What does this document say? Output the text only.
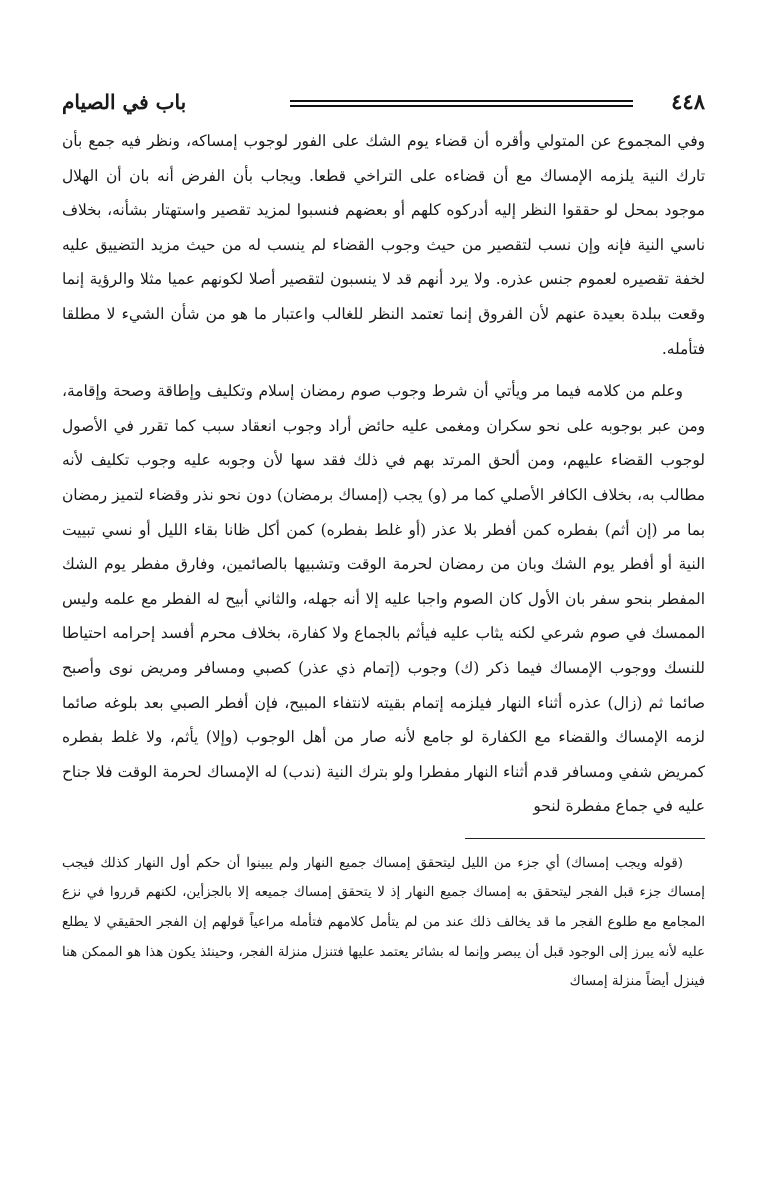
٤٤٨
باب في الصيام

وفي المجموع عن المتولي وأقره أن قضاء يوم الشك على الفور لوجوب إمساكه، ونظر فيه جمع بأن تارك النية يلزمه الإمساك مع أن قضاءه على التراخي قطعا. ويجاب بأن الفرض أنه بان أن الهلال موجود بمحل لو حققوا النظر إليه أدركوه كلهم أو بعضهم فنسبوا لمزيد تقصير واستهتار بشأنه، بخلاف ناسي النية فإنه وإن نسب لتقصير من حيث وجوب القضاء لم ينسب له من حيث مزيد التضييق عليه لخفة تقصيره لعموم جنس عذره. ولا يرد أنهم قد لا ينسبون لتقصير أصلا لكونهم عميا مثلا والرؤية إنما وقعت ببلدة بعيدة عنهم لأن الفروق إنما تعتمد النظر للغالب واعتبار ما هو من شأن الشيء لا مطلقا فتأمله.

وعلم من كلامه فيما مر ويأتي أن شرط وجوب صوم رمضان إسلام وتكليف وإطاقة وصحة وإقامة، ومن عبر بوجوبه على نحو سكران ومغمى عليه حائض أراد وجوب انعقاد سبب كما تقرر في الأصول لوجوب القضاء عليهم، ومن ألحق المرتد بهم في ذلك فقد سها لأن وجوبه عليه وجوب تكليف لأنه مطالب به، بخلاف الكافر الأصلي كما مر (و) يجب (إمساك برمضان) دون نحو نذر وقضاء لتميز رمضان بما مر (إن أثم) بفطره كمن أفطر بلا عذر (أو غلط بفطره) كمن أكل ظانا بقاء الليل أو نسي تبييت النية أو أفطر يوم الشك وبان من رمضان لحرمة الوقت وتشبيها بالصائمين، وفارق مفطر يوم الشك المفطر بنحو سفر بان الأول كان الصوم واجبا عليه إلا أنه جهله، والثاني أبيح له الفطر مع علمه وليس الممسك في صوم شرعي لكنه يثاب عليه فيأثم بالجماع ولا كفارة، بخلاف محرم أفسد إحرامه احتياطا للنسك ووجوب الإمساك فيما ذكر (ك) وجوب (إتمام ذي عذر) كصبي ومسافر ومريض نوى وأصبح صائما ثم (زال) عذره أثناء النهار فيلزمه إتمام بقيته لانتفاء المبيح، فإن أفطر الصبي بعد بلوغه صائما لزمه الإمساك والقضاء مع الكفارة لو جامع لأنه صار من أهل الوجوب (وإلا) يأثم، ولا غلط بفطره كمريض شفي ومسافر قدم أثناء النهار مفطرا ولو بترك النية (ندب) له الإمساك لحرمة الوقت فلا جناح عليه في جماع مفطرة لنحو

(قوله ويجب إمساك) أي جزء من الليل ليتحقق إمساك جميع النهار ولم يبينوا أن حكم أول النهار كذلك فيجب إمساك جزء قبل الفجر ليتحقق به إمساك جميع النهار إذ لا يتحقق إمساك جميعه إلا بالجزأين، لكنهم قرروا في نزع المجامع مع طلوع الفجر ما قد يخالف ذلك عند من لم يتأمل كلامهم فتأمله مراعياً قولهم إن الفجر الحقيقي لا يطلع عليه لأنه يبرز إلى الوجود قبل أن يبصر وإنما له بشائر يعتمد عليها فتنزل منزلة الفجر، وحينئذ يكون هذا هو الممكن هنا فينزل أيضاً منزلة إمساك
